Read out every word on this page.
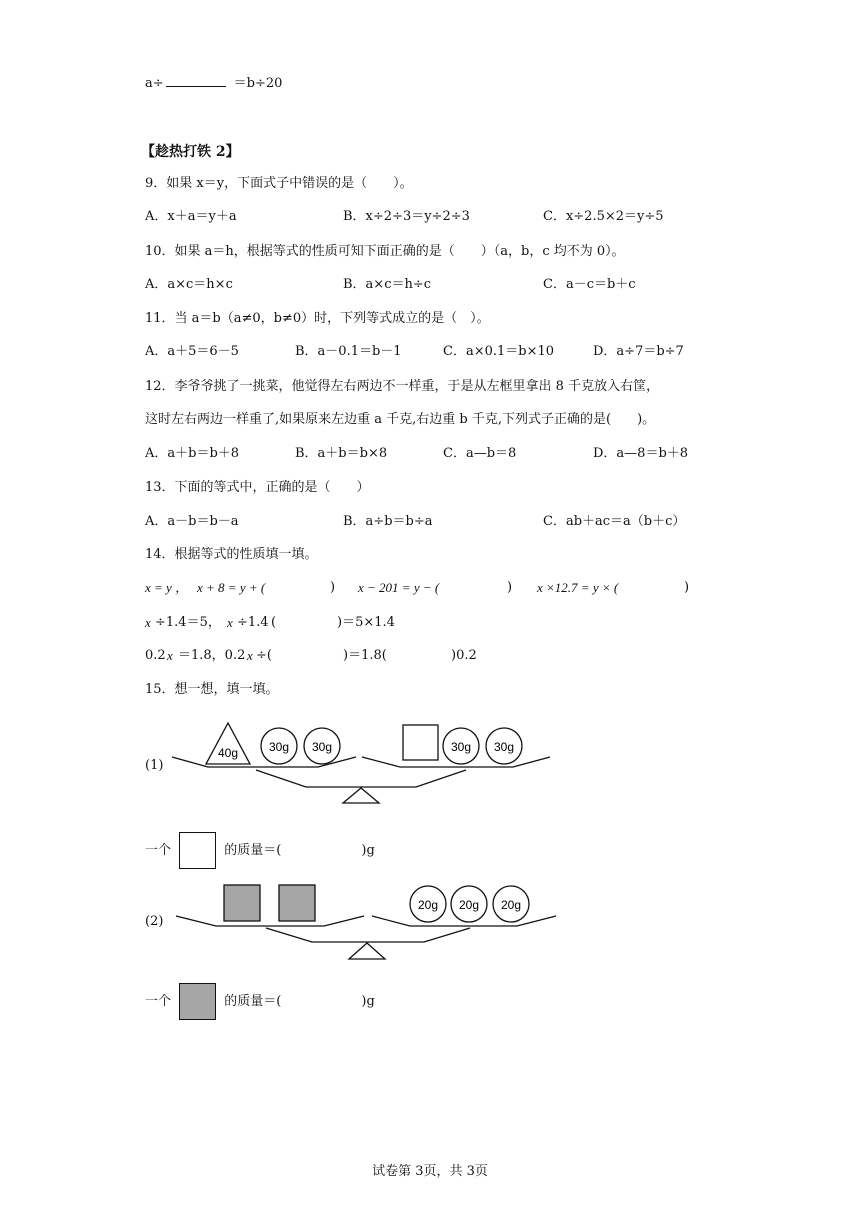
a÷	＝b÷20
【趁热打铁 2】
9．如果 x＝y，下面式子中错误的是（　　）。
A．x＋a＝y＋a	B．x÷2÷3＝y÷2÷3	C．x÷2.5×2＝y÷5
10．如果 a＝h，根据等式的性质可知下面正确的是（　　）（a，b，c 均不为 0）。
A．a×c＝h×c	B．a×c＝h÷c	C．a－c＝b＋c
11．当 a＝b（a≠0，b≠0）时，下列等式成立的是（　）。
A．a＋5＝6－5	B．a－0.1＝b－1	C．a×0.1＝b×10	D．a÷7＝b÷7
12．李爷爷挑了一挑菜，他觉得左右两边不一样重，于是从左框里拿出 8 千克放入右筐，
这时左右两边一样重了,如果原来左边重 a 千克,右边重 b 千克,下列式子正确的是(　　)。
A．a＋b＝b＋8	B．a＋b＝b×8	C．a—b＝8	D．a—8＝b＋8
13．下面的等式中，正确的是（　　）
A．a－b＝b－a	B．a÷b＝b÷a	C．ab＋ac＝a（b＋c）
14．根据等式的性质填一填。
x = y ， x + 8 = y + (	) x − 201 = y − (	) x ×12.7 = y × (	)
x ÷1.4＝5， x ÷1.4 (	)＝5×1.4
0.2 x ＝1.8，0.2 x ÷(	)＝1.8(	)0.2
15．想一想，填一填。
(1)
40g	30g 30g	30g 30g
一个	的质量＝(	)g
(2)
20g 20g 20g
一个	的质量＝(	)g
试卷第 3页，共 3页
